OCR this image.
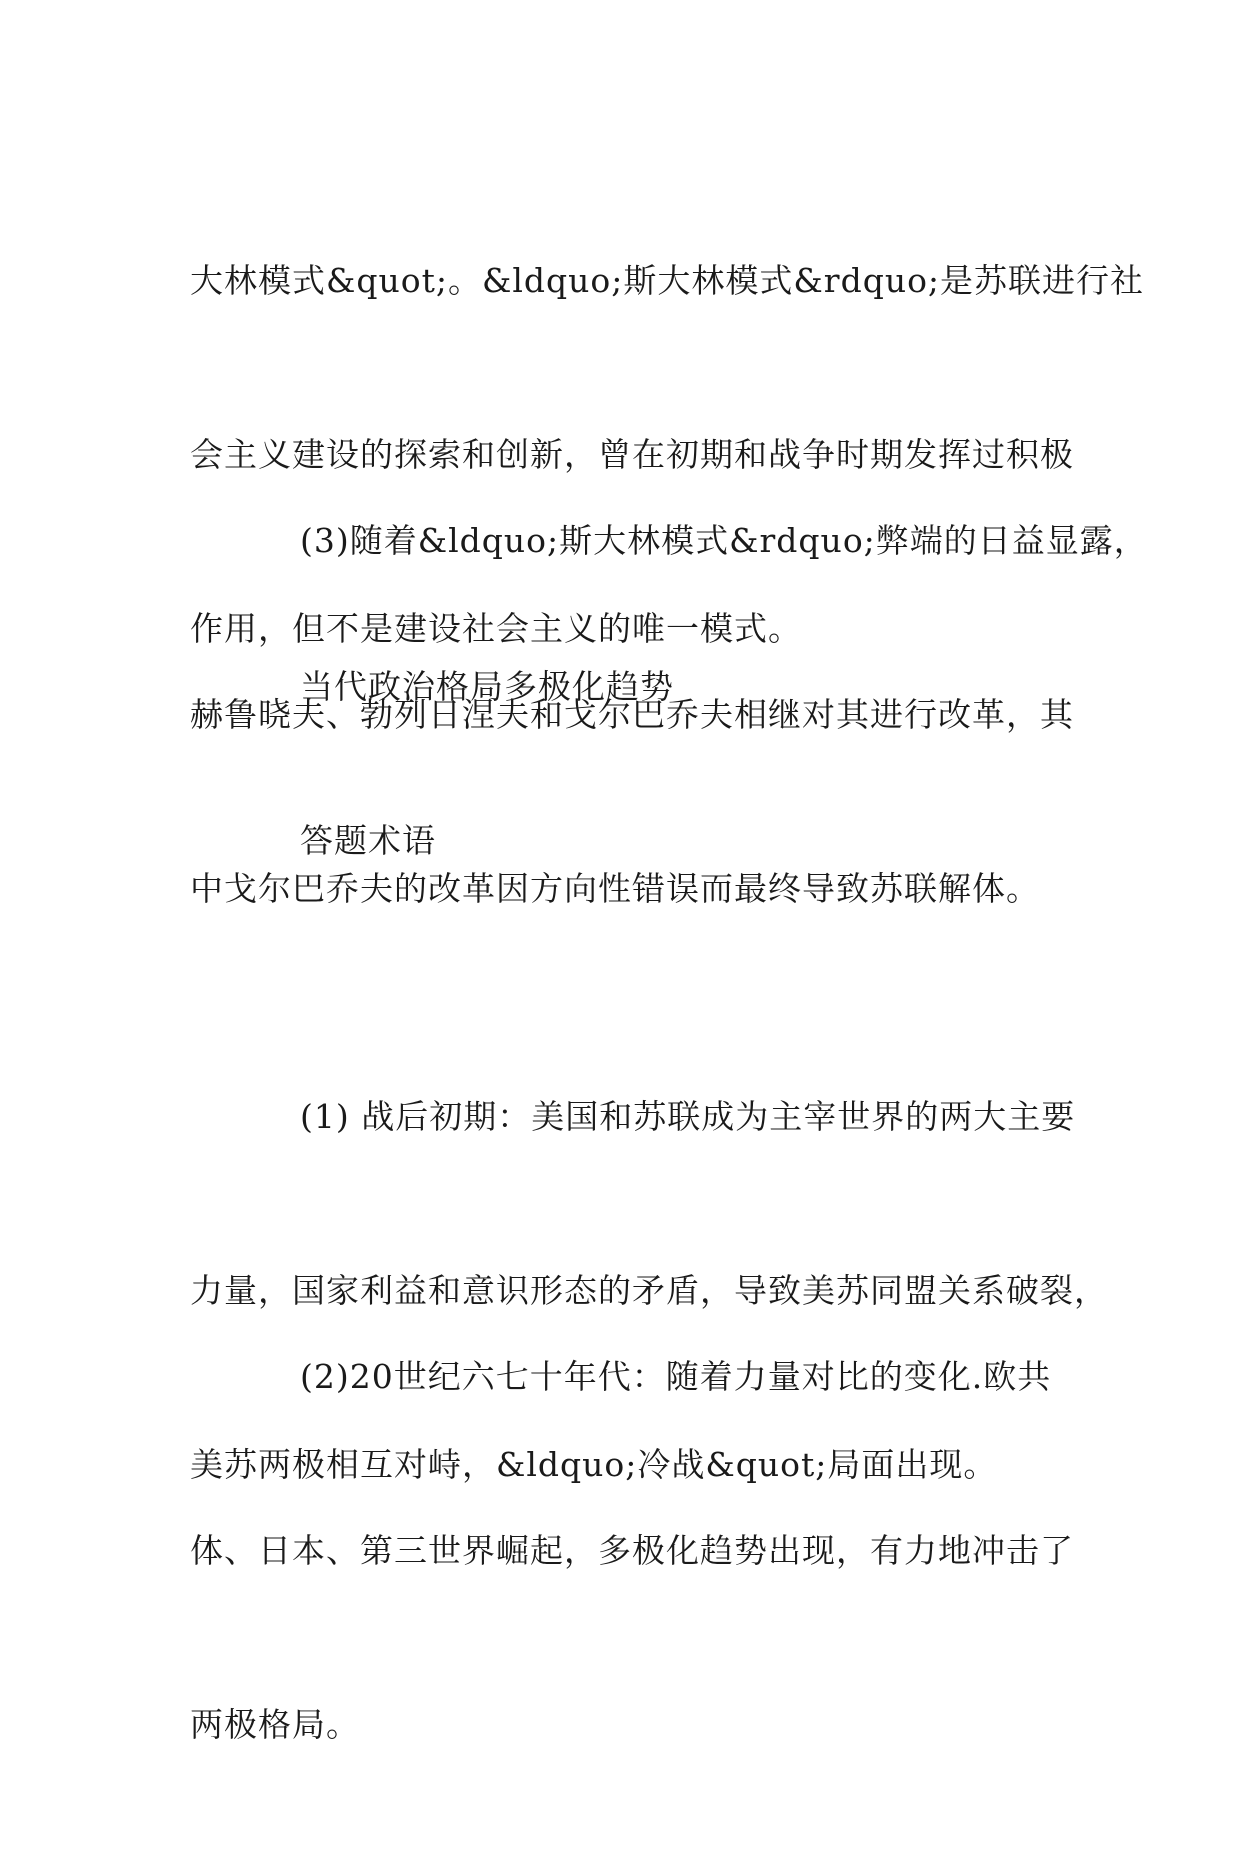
大林模式&quot;。&ldquo;斯大林模式&rdquo;是苏联进行社

会主义建设的探索和创新，曾在初期和战争时期发挥过积极

作用，但不是建设社会主义的唯一模式。

(3)随着&ldquo;斯大林模式&rdquo;弊端的日益显露，

赫鲁晓夫、勃列日涅夫和戈尔巴乔夫相继对其进行改革，其

中戈尔巴乔夫的改革因方向性错误而最终导致苏联解体。

当代政治格局多极化趋势

答题术语

(1) 战后初期：美国和苏联成为主宰世界的两大主要

力量，国家利益和意识形态的矛盾，导致美苏同盟关系破裂，

美苏两极相互对峙，&ldquo;冷战&quot;局面出现。

(2)20世纪六七十年代：随着力量对比的变化.欧共

体、日本、第三世界崛起，多极化趋势出现，有力地冲击了

两极格局。
